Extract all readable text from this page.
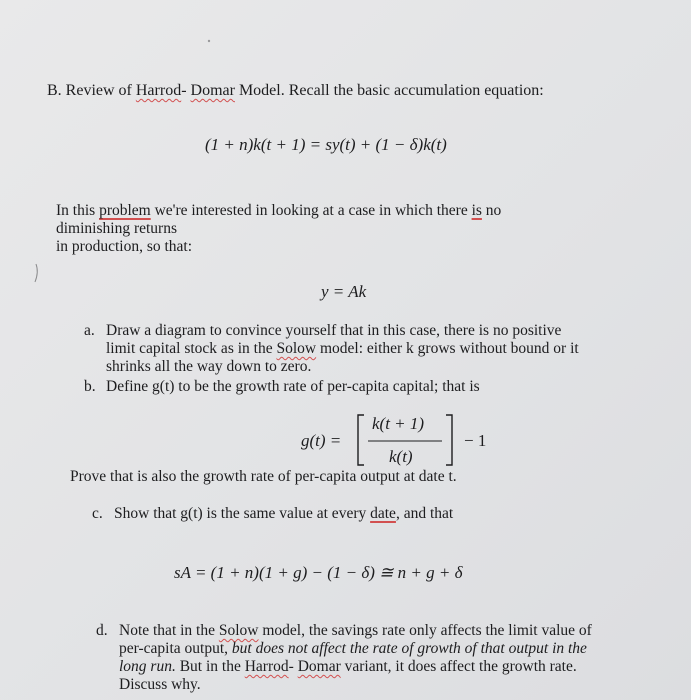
B. Review of Harrod- Domar Model. Recall the basic accumulation equation:
(1 + n)k(t + 1) = sy(t) + (1 − δ)k(t)
In this problem we're interested in looking at a case in which there is no
diminishing returns
in production, so that:
y = Ak
a. Draw a diagram to convince yourself that in this case, there is no positive
limit capital stock as in the Solow model: either k grows without bound or it
shrinks all the way down to zero.
b. Define g(t) to be the growth rate of per-capita capital; that is
g(t) =
k(t + 1)
k(t)
− 1
Prove that is also the growth rate of per-capita output at date t.
c. Show that g(t) is the same value at every date, and that
sA = (1 + n)(1 + g) − (1 − δ) ≅ n + g + δ
d. Note that in the Solow model, the savings rate only affects the limit value of
per-capita output, but does not affect the rate of growth of that output in the
long run. But in the Harrod- Domar variant, it does affect the growth rate.
Discuss why.
